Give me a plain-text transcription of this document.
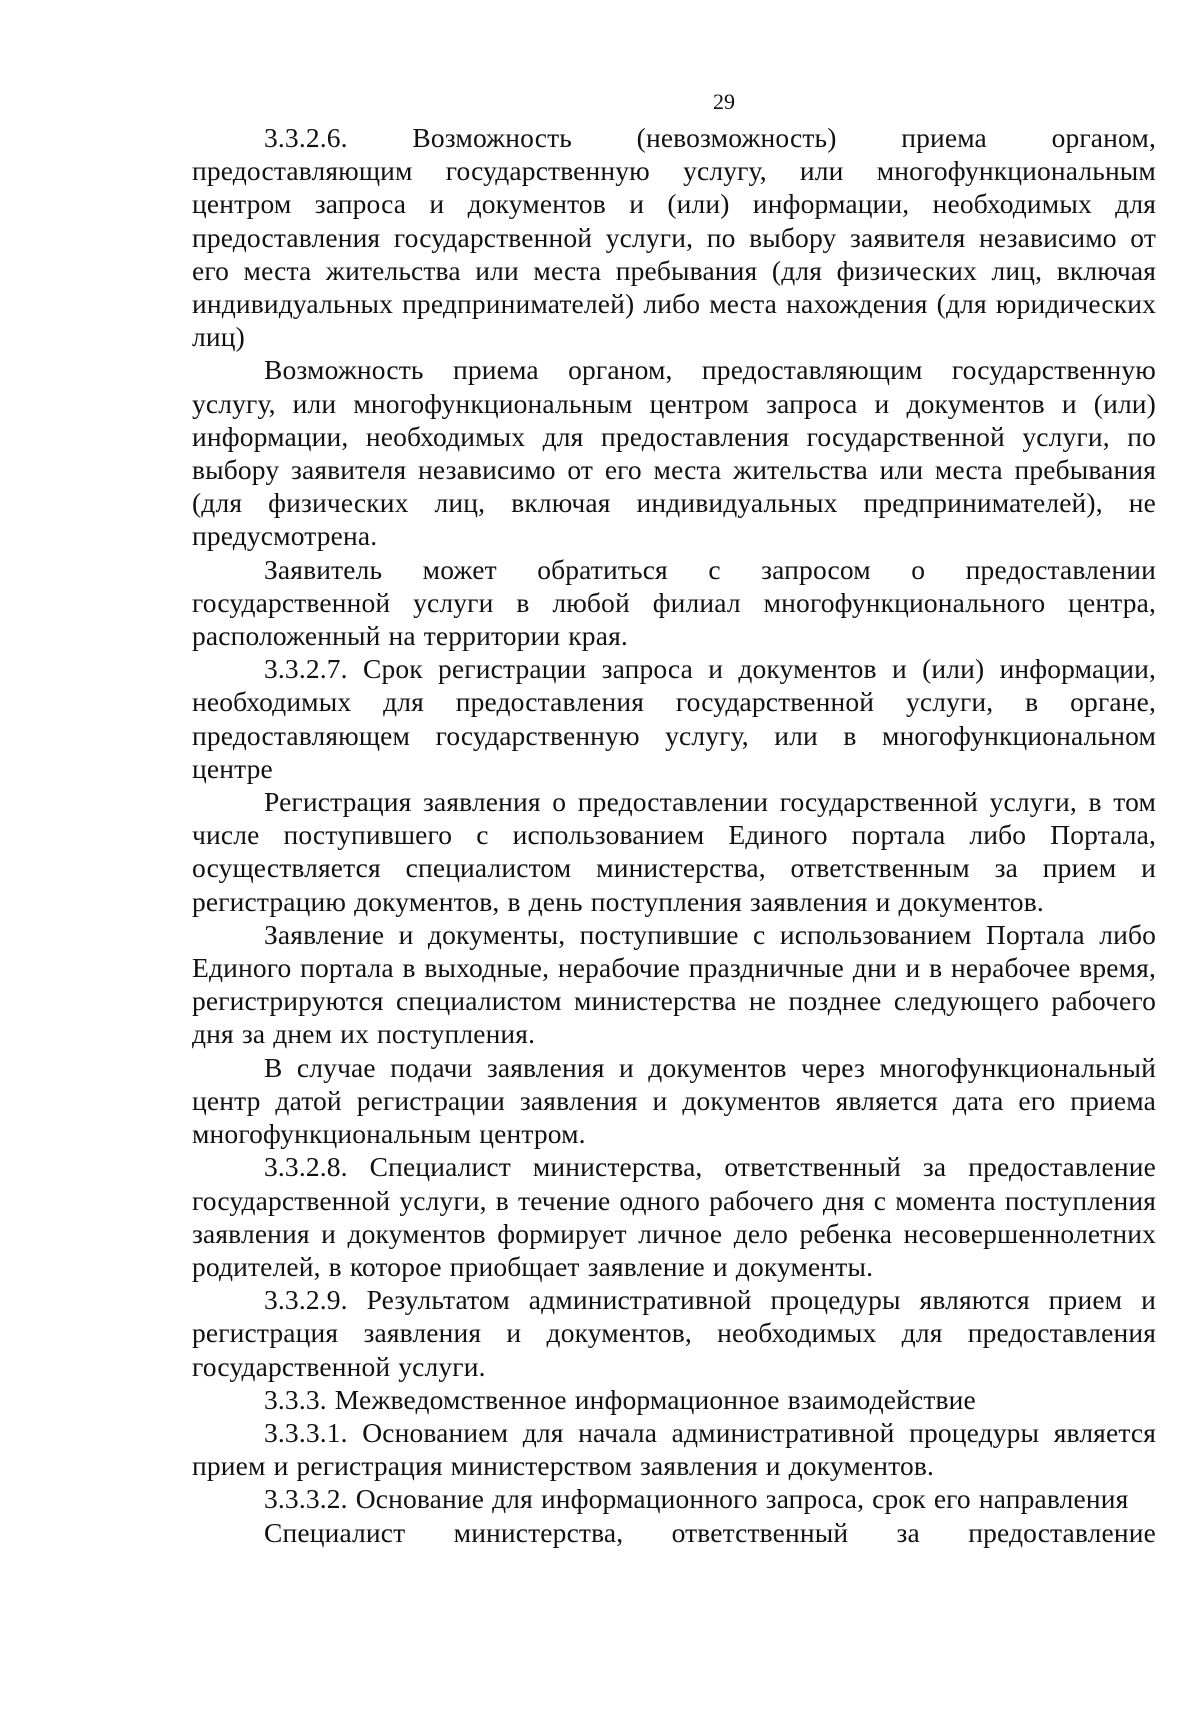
29

3.3.2.6. Возможность (невозможность) приема органом, предоставляющим государственную услугу, или многофункциональным центром запроса и документов и (или) информации, необходимых для предоставления государственной услуги, по выбору заявителя независимо от его места жительства или места пребывания (для физических лиц, включая индивидуальных предпринимателей) либо места нахождения (для юридических лиц)

Возможность приема органом, предоставляющим государственную услугу, или многофункциональным центром запроса и документов и (или) информации, необходимых для предоставления государственной услуги, по выбору заявителя независимо от его места жительства или места пребывания (для физических лиц, включая индивидуальных предпринимателей), не предусмотрена.

Заявитель может обратиться с запросом о предоставлении государственной услуги в любой филиал многофункционального центра, расположенный на территории края.

3.3.2.7. Срок регистрации запроса и документов и (или) информации, необходимых для предоставления государственной услуги, в органе, предоставляющем государственную услугу, или в многофункциональном центре

Регистрация заявления о предоставлении государственной услуги, в том числе поступившего с использованием Единого портала либо Портала, осуществляется специалистом министерства, ответственным за прием и регистрацию документов, в день поступления заявления и документов.

Заявление и документы, поступившие с использованием Портала либо Единого портала в выходные, нерабочие праздничные дни и в нерабочее время, регистрируются специалистом министерства не позднее следующего рабочего дня за днем их поступления.

В случае подачи заявления и документов через многофункциональный центр датой регистрации заявления и документов является дата его приема многофункциональным центром.

3.3.2.8. Специалист министерства, ответственный за предоставление государственной услуги, в течение одного рабочего дня с момента поступления заявления и документов формирует личное дело ребенка несовершеннолетних родителей, в которое приобщает заявление и документы.

3.3.2.9. Результатом административной процедуры являются прием и регистрация заявления и документов, необходимых для предоставления государственной услуги.

3.3.3. Межведомственное информационное взаимодействие

3.3.3.1. Основанием для начала административной процедуры является прием и регистрация министерством заявления и документов.

3.3.3.2. Основание для информационного запроса, срок его направления

Специалист министерства, ответственный за предоставление
